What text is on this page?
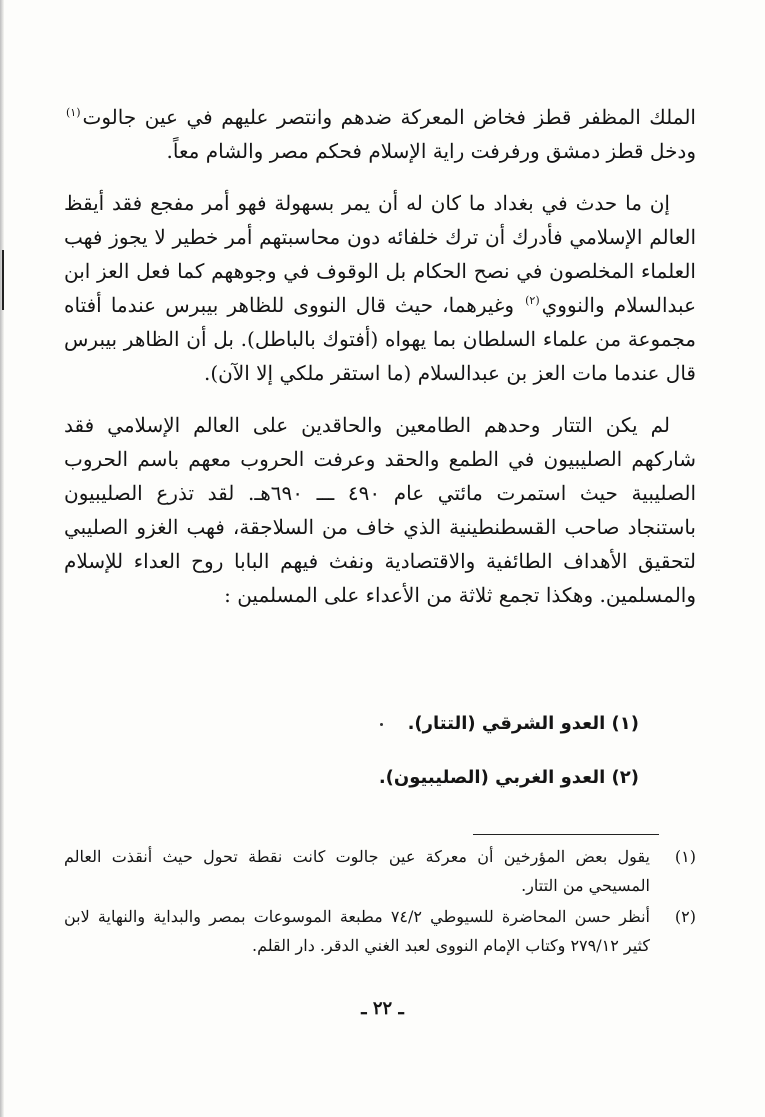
الملك المظفر قطز فخاض المعركة ضدهم وانتصر عليهم في عين جالوت$^{(١)}$ ودخل قطز دمشق ورفرفت راية الإسلام فحكم مصر والشام معاً.

إن ما حدث في بغداد ما كان له أن يمر بسهولة فهو أمر مفجع فقد أيقظ العالم الإسلامي فأدرك أن ترك خلفائه دون محاسبتهم أمر خطير لا يجوز فهب العلماء المخلصون في نصح الحكام بل الوقوف في وجوههم كما فعل العز ابن عبدالسلام والنووي$^{(٢)}$ وغيرهما، حيث قال النووى للظاهر بيبرس عندما أفتاه مجموعة من علماء السلطان بما يهواه (أفتوك بالباطل). بل أن الظاهر بيبرس قال عندما مات العز بن عبدالسلام (ما استقر ملكي إلا الآن).

لم يكن التتار وحدهم الطامعين والحاقدين على العالم الإسلامي فقد شاركهم الصليبيون في الطمع والحقد وعرفت الحروب معهم باسم الحروب الصليبية حيث استمرت مائتي عام ٤٩٠ ـــ ٦٩٠هـ. لقد تذرع الصليبيون باستنجاد صاحب القسطنطينية الذي خاف من السلاجقة، فهب الغزو الصليبي لتحقيق الأهداف الطائفية والاقتصادية ونفث فيهم البابا روح العداء للإسلام والمسلمين. وهكذا تجمع ثلاثة من الأعداء على المسلمين :

(١) العدو الشرقي (التتار).
(٢) العدو الغربي (الصليبيون).
(١)
يقول بعض المؤرخين أن معركة عين جالوت كانت نقطة تحول حيث أنقذت العالم المسيحي من التتار.
(٢)
أنظر حسن المحاضرة للسيوطي ٧٤/٢ مطبعة الموسوعات بمصر والبداية والنهاية لابن كثير ٢٧٩/١٢ وكتاب الإمام النووى لعبد الغني الدقر. دار القلم.
ـ ٢٢ ـ
